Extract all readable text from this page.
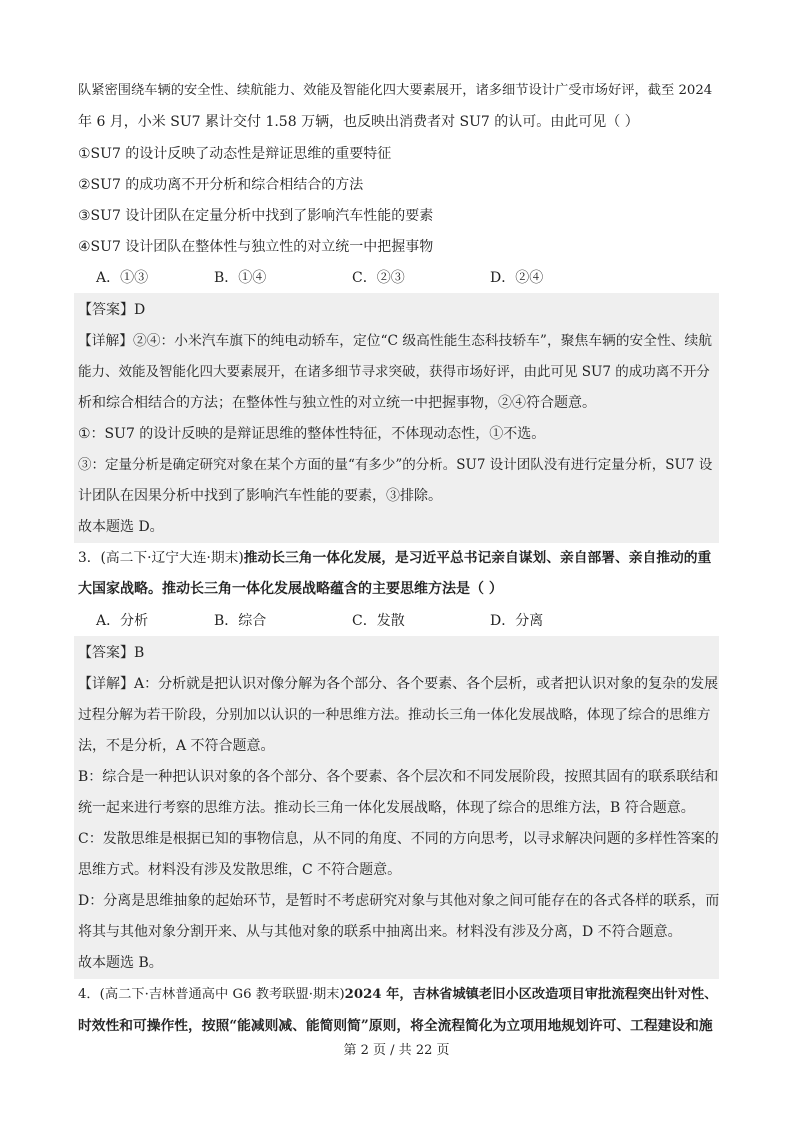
队紧密围绕车辆的安全性、续航能力、效能及智能化四大要素展开，诸多细节设计广受市场好评，截至 2024
年 6 月，小米 SU7 累计交付 1.58 万辆，也反映出消费者对 SU7 的认可。由此可见（ ）
①SU7 的设计反映了动态性是辩证思维的重要特征
②SU7 的成功离不开分析和综合相结合的方法
③SU7 设计团队在定量分析中找到了影响汽车性能的要素
④SU7 设计团队在整体性与独立性的对立统一中把握事物
A．①③	B．①④	C．②③	D．②④
【答案】D
【详解】②④：小米汽车旗下的纯电动轿车，定位“C 级高性能生态科技轿车”，聚焦车辆的安全性、续航
能力、效能及智能化四大要素展开，在诸多细节寻求突破，获得市场好评，由此可见 SU7 的成功离不开分
析和综合相结合的方法；在整体性与独立性的对立统一中把握事物，②④符合题意。
①：SU7 的设计反映的是辩证思维的整体性特征，不体现动态性，①不选。
③：定量分析是确定研究对象在某个方面的量“有多少”的分析。SU7 设计团队没有进行定量分析，SU7 设
计团队在因果分析中找到了影响汽车性能的要素，③排除。
故本题选 D。
3．(高二下·辽宁大连·期末)推动长三角一体化发展，是习近平总书记亲自谋划、亲自部署、亲自推动的重
大国家战略。推动长三角一体化发展战略蕴含的主要思维方法是（ ）
A．分析	B．综合	C．发散	D．分离
【答案】B
【详解】A：分析就是把认识对像分解为各个部分、各个要素、各个层析，或者把认识对象的复杂的发展
过程分解为若干阶段，分别加以认识的一种思维方法。推动长三角一体化发展战略，体现了综合的思维方
法，不是分析，A 不符合题意。
B：综合是一种把认识对象的各个部分、各个要素、各个层次和不同发展阶段，按照其固有的联系联结和
统一起来进行考察的思维方法。推动长三角一体化发展战略，体现了综合的思维方法，B 符合题意。
C：发散思维是根据已知的事物信息，从不同的角度、不同的方向思考，以寻求解决问题的多样性答案的
思维方式。材料没有涉及发散思维，C 不符合题意。
D：分离是思维抽象的起始环节，是暂时不考虑研究对象与其他对象之间可能存在的各式各样的联系，而
将其与其他对象分割开来、从与其他对象的联系中抽离出来。材料没有涉及分离，D 不符合题意。
故本题选 B。
4．(高二下·吉林普通高中 G6 教考联盟·期末)2024 年，吉林省城镇老旧小区改造项目审批流程突出针对性、
时效性和可操作性，按照“能减则减、能简则简”原则，将全流程简化为立项用地规划许可、工程建设和施
第 2 页 / 共 22 页
